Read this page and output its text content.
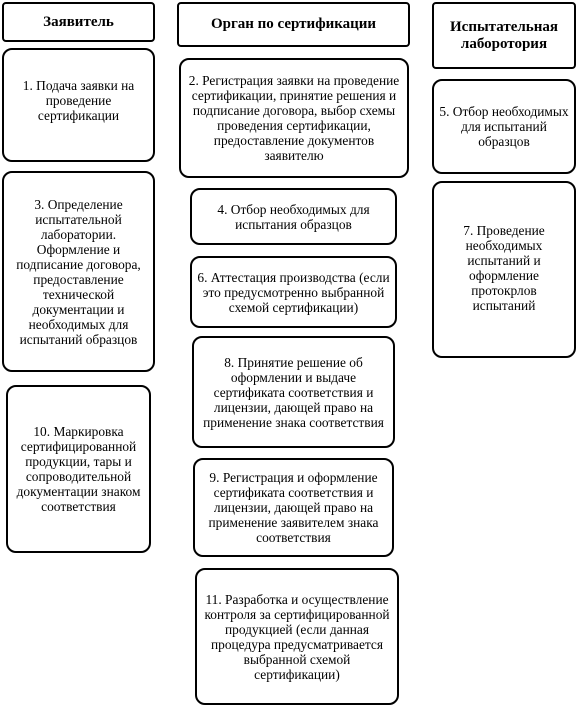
Заявитель	Орган по сертификации	Испытательная лаборотория
1. Подача заявки на проведение сертификации
3. Определение испытательной лаборатории. Оформление и подписание договора, предоставление технической документации и необходимых для испытаний образцов
10. Маркировка сертифицированной продукции, тары и сопроводительной документации знаком соответствия
2. Регистрация заявки на проведение сертификации, принятие решения и подписание договора, выбор схемы проведения сертификации, предоставление документов заявителю
4. Отбор необходимых для испытания образцов
6. Аттестация производства (если это предусмотренно выбранной схемой сертификации)
8. Принятие решение об оформлении и выдаче сертификата соответствия и лицензии, дающей право на применение знака соответствия
9. Регистрация и оформление сертификата соответствия и лицензии, дающей право на применение заявителем знака соответствия
11. Разработка и осуществление контроля за сертифицированной продукцией (если данная процедура предусматривается выбранной схемой сертификации)
5. Отбор необходимых для испытаний образцов
7. Проведение необходимых испытаний и оформление протокрлов испытаний
